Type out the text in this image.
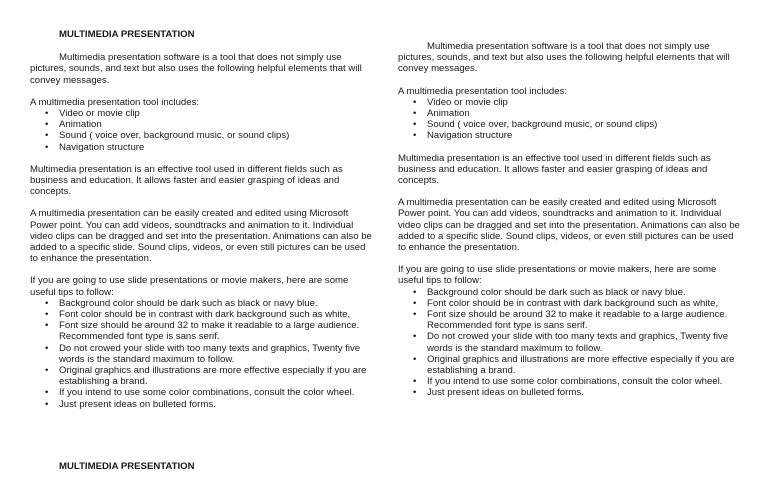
MULTIMEDIA PRESENTATION

Multimedia presentation software is a tool that does not simply use pictures, sounds, and text but also uses the following helpful elements that will convey messages.

A multimedia presentation tool includes:

• Video or movie clip
• Animation
• Sound ( voice over, background music, or sound clips)
• Navigation structure

Multimedia presentation is an effective tool used in different fields such as business and education. It allows faster and easier grasping of ideas and concepts.

A multimedia presentation can be easily created and edited using Microsoft Power point. You can add videos, soundtracks and animation to it. Individual video clips can be dragged and set into the presentation. Animations can also be added to a specific slide. Sound clips, videos, or even still pictures can be used to enhance the presentation.

If you are going to use slide presentations or movie makers, here are some useful tips to follow:

• Background color should be dark such as black or navy blue.
• Font color should be in contrast with dark background such as white,
• Font size should be around 32 to make it readable to a large audience. Recommended font type is sans serif.
• Do not crowed your slide with too many texts and graphics, Twenty five words is the standard maximum to follow.
• Original graphics and illustrations are more effective especially if you are establishing a brand.
• If you intend to use some color combinations, consult the color wheel.
• Just present ideas on bulleted forms.

Multimedia presentation software is a tool that does not simply use pictures, sounds, and text but also uses the following helpful elements that will convey messages.

A multimedia presentation tool includes:

• Video or movie clip
• Animation
• Sound ( voice over, background music, or sound clips)
• Navigation structure

Multimedia presentation is an effective tool used in different fields such as business and education. It allows faster and easier grasping of ideas and concepts.

A multimedia presentation can be easily created and edited using Microsoft Power point. You can add videos, soundtracks and animation to it. Individual video clips can be dragged and set into the presentation. Animations can also be added to a specific slide. Sound clips, videos, or even still pictures can be used to enhance the presentation.

If you are going to use slide presentations or movie makers, here are some useful tips to follow:

• Background color should be dark such as black or navy blue.
• Font color should be in contrast with dark background such as white,
• Font size should be around 32 to make it readable to a large audience. Recommended font type is sans serif.
• Do not crowed your slide with too many texts and graphics, Twenty five words is the standard maximum to follow.
• Original graphics and illustrations are more effective especially if you are establishing a brand.
• If you intend to use some color combinations, consult the color wheel.
• Just present ideas on bulleted forms.
MULTIMEDIA PRESENTATION
